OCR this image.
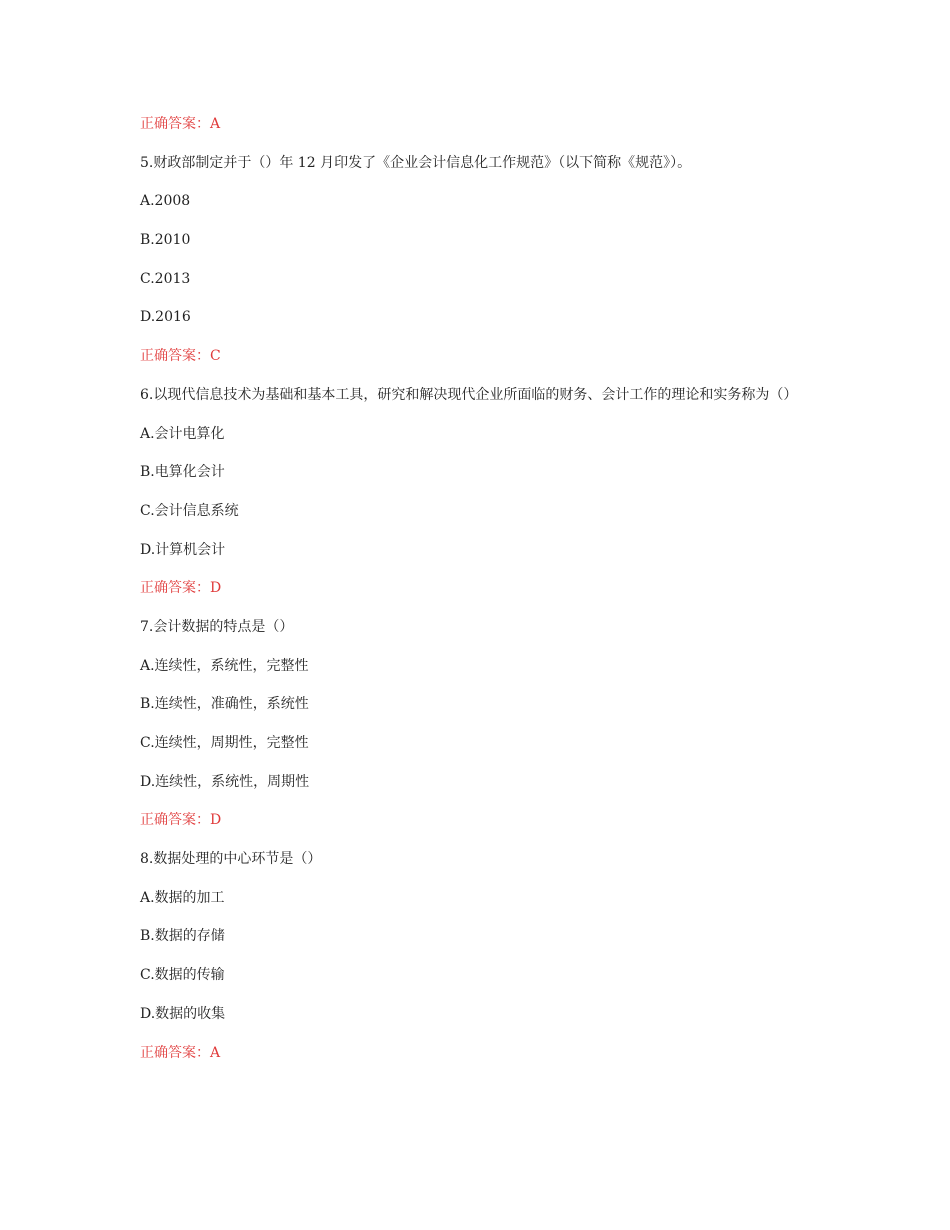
正确答案：A
5.财政部制定并于（）年 12 月印发了《企业会计信息化工作规范》（以下简称《规范》）。
A.2008
B.2010
C.2013
D.2016
正确答案：C
6.以现代信息技术为基础和基本工具，研究和解决现代企业所面临的财务、会计工作的理论和实务称为（）
A.会计电算化
B.电算化会计
C.会计信息系统
D.计算机会计
正确答案：D
7.会计数据的特点是（）
A.连续性，系统性，完整性
B.连续性，准确性，系统性
C.连续性，周期性，完整性
D.连续性，系统性，周期性
正确答案：D
8.数据处理的中心环节是（）
A.数据的加工
B.数据的存储
C.数据的传输
D.数据的收集
正确答案：A
